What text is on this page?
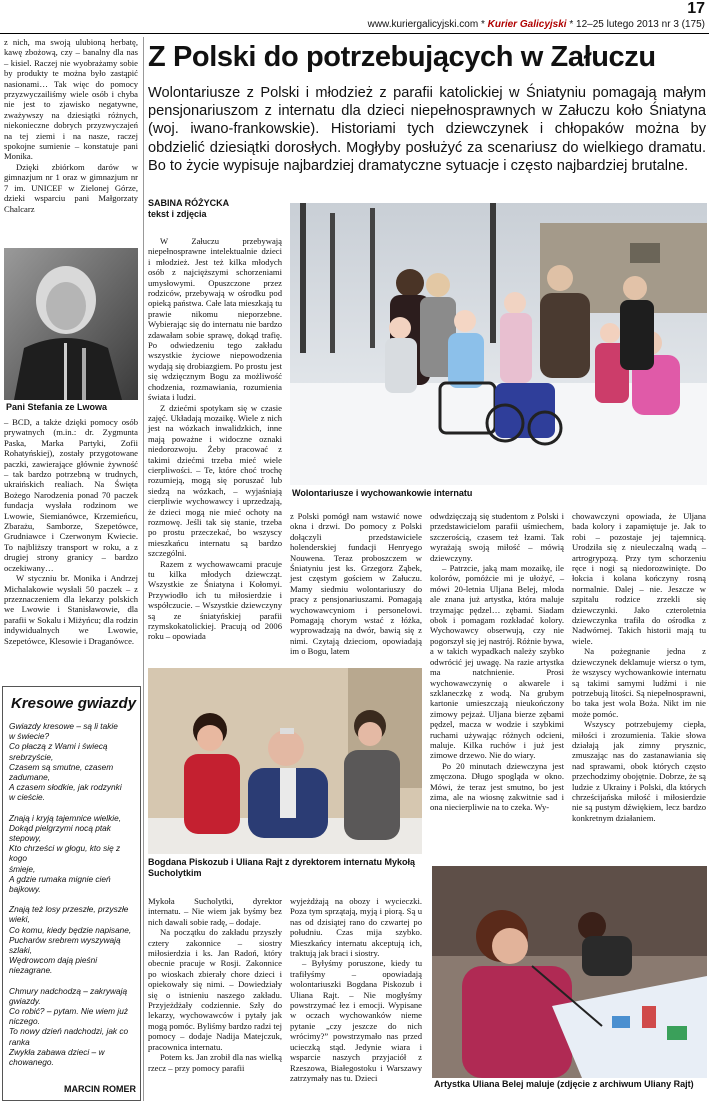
17
www.kuriergalicyjski.com * Kurier Galicyjski * 12–25 lutego 2013 nr 3 (175)

z nich, ma swoją ulubioną herbatę, kawę zbożową, czy – banalny dla nas – kisiel. Raczej nie wyobrażamy sobie by produkty te można było zastąpić nasionami… Tak więc do pomocy przyzwyczailiśmy wiele osób i chyba nie jest to zjawisko negatywne, zważywszy na dziesiątki różnych, niekonieczne dobrych przyzwyczajeń na tej ziemi i na nasze, raczej spokojne sumienie – konstatuje pani Monika.

Dzięki zbiórkom darów w gimnazjum nr 1 oraz w gimnazjum nr 7 im. UNICEF w Zielonej Górze, dzieki wsparciu pani Małgorzaty Chalcarz

Pani Stefania ze Lwowa

– BCD, a także dzięki pomocy osób prywatnych (m.in.: dr. Zygmunta Paska, Marka Partyki, Zofii Rohatyńskiej), zostały przygotowane paczki, zawierające głównie żywność – tak bardzo potrzebną w trudnych, ukraińskich realiach. Na Święta Bożego Narodzenia ponad 70 paczek fundacja wysłała rodzinom we Lwowie, Siemianówce, Krzemieńcu, Zbarażu, Samborze, Szepetówce, Grudniawce i Czerwonym Kwiecie. To najbliższy transport w roku, a z drugiej strony granicy – bardzo oczekiwany…

W styczniu br. Monika i Andrzej Michalakowie wysłali 50 paczek – z przeznaczeniem dla lekarzy polskich we Lwowie i Stanisławowie, dla parafii w Sokalu i Miżyńcu; dla rodzin indywidualnych we Lwowie, Szepetówce, Klesowie i Draganówce.

Kresowe gwiazdy
Gwiazdy kresowe – są li takie
w świecie?
Co płaczą z Wami i świecą
srebrzyście,
Czasem są smutne, czasem
zadumane,
A czasem słodkie, jak rodzynki
w cieście.
Znają i kryją tajemnice wielkie,
Dokąd pielgrzymi nocą ptak stepowy,
Kto chrześci w głogu, kto się z kogo
śmieje,
A gdzie rumaka mignie cień bajkowy.
Znają też losy przeszłe, przyszłe
wieki,
Co komu, kiedy będzie napisane,
Pucharów srebrem wyszywają
szlaki,
Wędrowcom dają pieśni niezagrane.
Chmury nadchodzą – zakrywają
gwiazdy.
Co robić? – pytam. Nie wiem już
niczego.
To nowy dzień nadchodzi, jak co
ranka
Zwykła zabawa dzieci – w chowanego.
MARCIN ROMER
Z Polski do potrzebujących w Załuczu
Wolontariusze z Polski i młodzież z parafii katolickiej w Śniatyniu pomagają małym pensjonariuszom z internatu dla dzieci niepełnosprawnych w Załuczu koło Śniatyna (woj. iwano-frankowskie). Historiami tych dziewczynek i chłopaków można by obdzielić dziesiątki dorosłych. Mogłyby posłużyć za scenariusz do wielkiego dramatu. Bo to życie wypisuje najbardziej dramatyczne sytuacje i często najbardziej brutalne.
SABINA RÓŻYCKA
tekst i zdjęcia

W Załuczu przebywają niepełnosprawne intelektualnie dzieci i młodzież. Jest też kilka młodych osób z najcięższymi schorzeniami umysłowymi. Opuszczone przez rodziców, przebywają w ośrodku pod opieką państwa. Całe lata mieszkają tu prawie nikomu nieporzebne. Wybierając się do internatu nie bardzo zdawałam sobie sprawę, dokąd trafię. Po odwiedzeniu tego zakładu wszystkie życiowe niepowodzenia wydają się drobiazgiem. Po prostu jest się wdzięcznym Bogu za możliwość chodzenia, rozmawiania, rozumienia świata i ludzi.

Z dziećmi spotykam się w czasie zajęć. Układają mozaikę. Wiele z nich jest na wózkach inwalidzkich, inne mają poważne i widoczne oznaki niedorozwoju. Żeby pracować z takimi dziećmi trzeba mieć wiele cierpliwości. – Te, które choć trochę rozumieją, mogą się poruszać lub siedzą na wózkach, – wyjaśniają cierpliwie wychowawcy i uprzedzają, że dzieci mogą nie mieć ochoty na rozmowę. Jeśli tak się stanie, trzeba po prostu przeczekać, bo wszyscy mieszkańcu internatu są bardzo szczególni.

Razem z wychowawcami pracuje tu kilka młodych dziewcząt. Wszystkie ze Śniatyna i Kołomyi. Przywiodło ich tu miłosierdzie i współczucie. – Wszystkie dziewczyny są ze śniatyńskiej parafii rzymskokatolickiej. Pracują od 2006 roku – opowiada

Wolontariusze i wychowankowie internatu

z Polski pomógł nam wstawić nowe okna i drzwi. Do pomocy z Polski dołączyli przedstawiciele holenderskiej fundacji Henryego Nouwena. Teraz proboszczem w Śniatyniu jest ks. Grzegorz Ząbek, jest częstym gościem w Załuczu. Mamy siedmiu wolontariuszy do pracy z pensjonariuszami. Pomagają wychowawcyniom i personelowi. Pomagają chorym wstać z łóżka, wyprowadzają na dwór, bawią się z nimi. Czytają dzieciom, opowiadają im o Bogu, latem

odwdzięczają się studentom z Polski i przedstawicielom parafii uśmiechem, szczerością, czasem też łzami. Tak wyrażają swoją miłość – mówią dziewczyny.

– Patrzcie, jaką mam mozaikę, ile kolorów, pomóżcie mi je ułożyć, – mówi 20-letnia Uljana Belej, młoda ale znana już artystka, która maluje trzymając pędzel… zębami. Siadam obok i pomagam rozkładać kolory. Wychowawcy obserwują, czy nie pogorszył się jej nastrój. Różnie bywa, a w takich wypadkach należy szybko odwrócić jej uwagę. Na razie artystka ma natchnienie. Prosi wychowawczynię o akwarele i szklaneczkę z wodą. Na grubym kartonie umieszczają nieukończony zimowy pejzaż. Uljana bierze zębami pędzel, macza w wodzie i szybkimi ruchami używając różnych odcieni, maluje. Kilka ruchów i już jest zimowe drzewo. Nie do wiary.

Po 20 minutach dziewczyna jest zmęczona. Długo spogląda w okno. Mówi, że teraz jest smutno, bo jest zima, ale na wiosnę zakwitnie sad i ona niecierpliwie na to czeka. Wy-

chowawczyni opowiada, że Uljana bada kolory i zapamiętuje je. Jak to robi – pozostaje jej tajemnicą. Urodziła się z nieuleczalną wadą – artrogrypozą. Przy tym schorzeniu ręce i nogi są niedorozwinięte. Do łokcia i kolana kończyny rosną normalnie. Dalej – nie. Jeszcze w szpitalu rodzice zrzekli się dziewczynki. Jako czteroletnia dziewczynka trafiła do ośrodka z Nadwórnej. Takich historii mają tu wiele.

Na pożegnanie jedna z dziewczynek deklamuje wiersz o tym, że wszyscy wychowankowie internatu są takimi samymi ludźmi i nie potrzebują litości. Są niepełnosprawni, bo taka jest wola Boża. Nikt im nie może pomóc.

Wszyscy potrzebujemy ciepła, miłości i zrozumienia. Takie słowa działają jak zimny prysznic, zmuszając nas do zastanawiania się nad sprawami, obok których często przechodzimy obojętnie. Dobrze, że są ludzie z Ukrainy i Polski, dla których chrześcijańska miłość i miłosierdzie nie są pustym dźwiękiem, lecz bardzo konkretnym działaniem.

Bogdana Piskozub i Uliana Rajt z dyrektorem internatu Mykołą Sucholytkim

Mykoła Sucholytki, dyrektor internatu. – Nie wiem jak byśmy bez nich dawali sobie radę, – dodaje.

Na początku do zakładu przyszły cztery zakonnice – siostry miłosierdzia i ks. Jan Radoń, który obecnie pracuje w Rosji. Zakonnice po wioskach zbierały chore dzieci i opiekowały się nimi. – Dowiedziały się o istnieniu naszego zakładu. Przyjeżdżały codziennie. Szły do lekarzy, wychowawców i pytały jak mogą pomóc. Byliśmy bardzo radzi tej pomocy – dodaje Nadija Matejczuk, pracownica internatu.

Potem ks. Jan zrobił dla nas wielką rzecz – przy pomocy parafii

wyjeżdżają na obozy i wycieczki. Poza tym sprzątają, myją i piorą. Są u nas od dzisiątej rano do czwartej po południu. Czas mija szybko. Mieszkańcy internatu akceptują ich, traktują jak braci i siostry.

– Byłyśmy poruszone, kiedy tu trafiłyśmy – opowiadają wolontariuszki Bogdana Piskozub i Uliana Rajt. – Nie mogłyśmy powstrzymać łez i emocji. Wypisane w oczach wychowanków nieme pytanie „czy jeszcze do nich wrócimy?” powstrzymało nas przed ucieczką stąd. Jedynie wiara i wsparcie naszych przyjaciół z Rzeszowa, Białegostoku i Warszawy zatrzymały nas tu. Dzieci

Artystka Uliana Belej maluje (zdjęcie z archiwum Uliany Rajt)
